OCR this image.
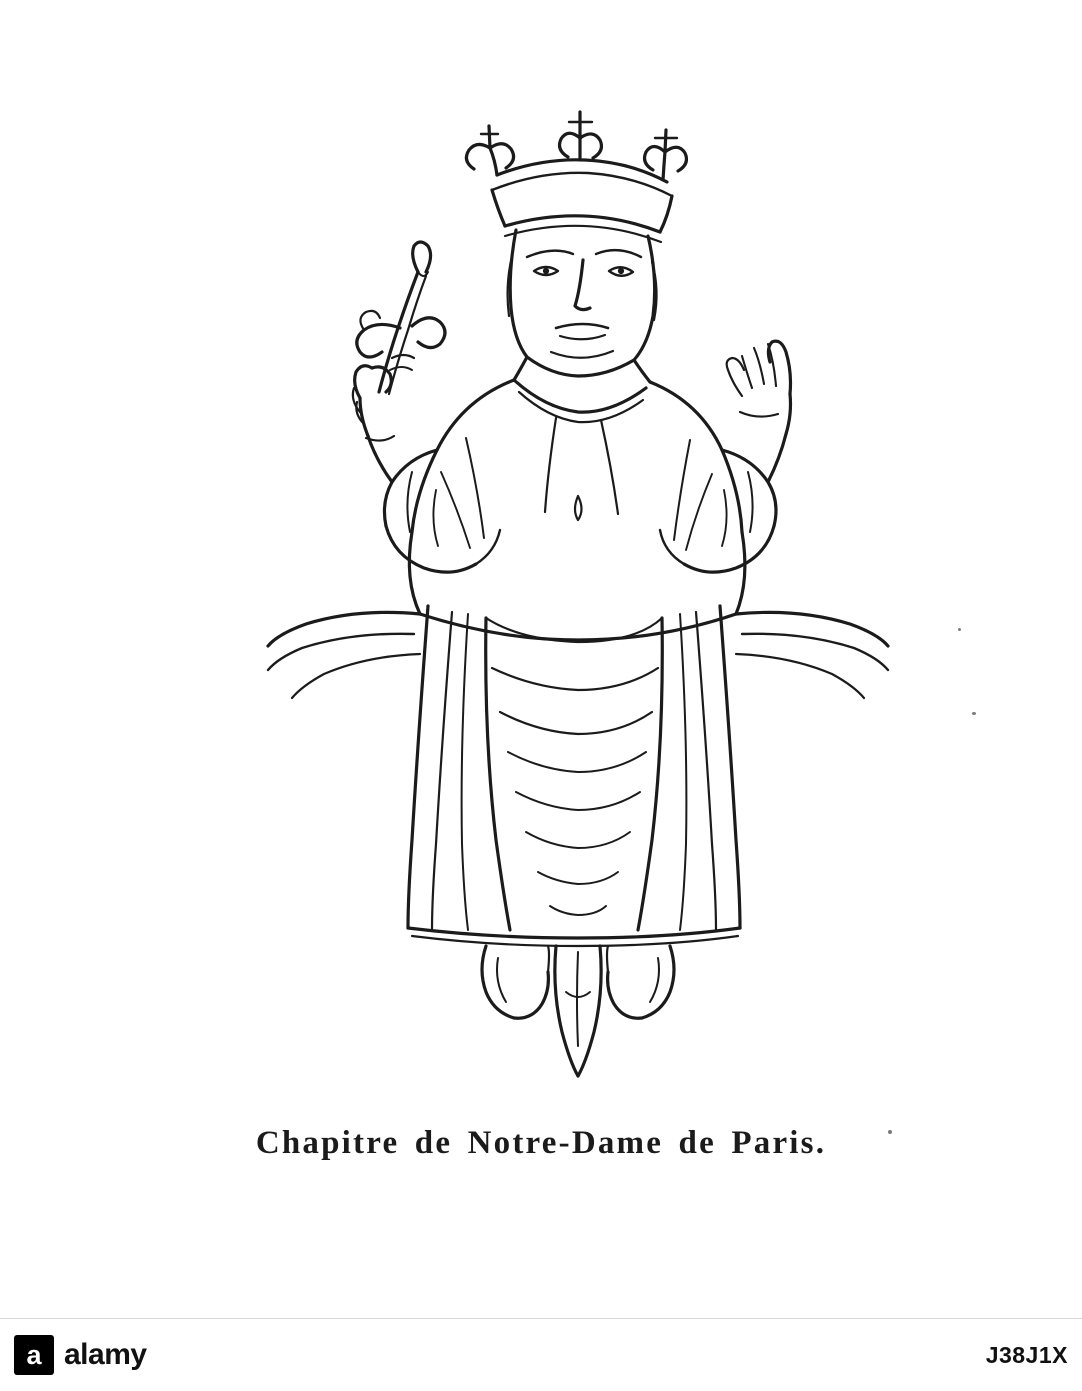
Chapitre de Notre-Dame de Paris.
a alamy	J38J1X
